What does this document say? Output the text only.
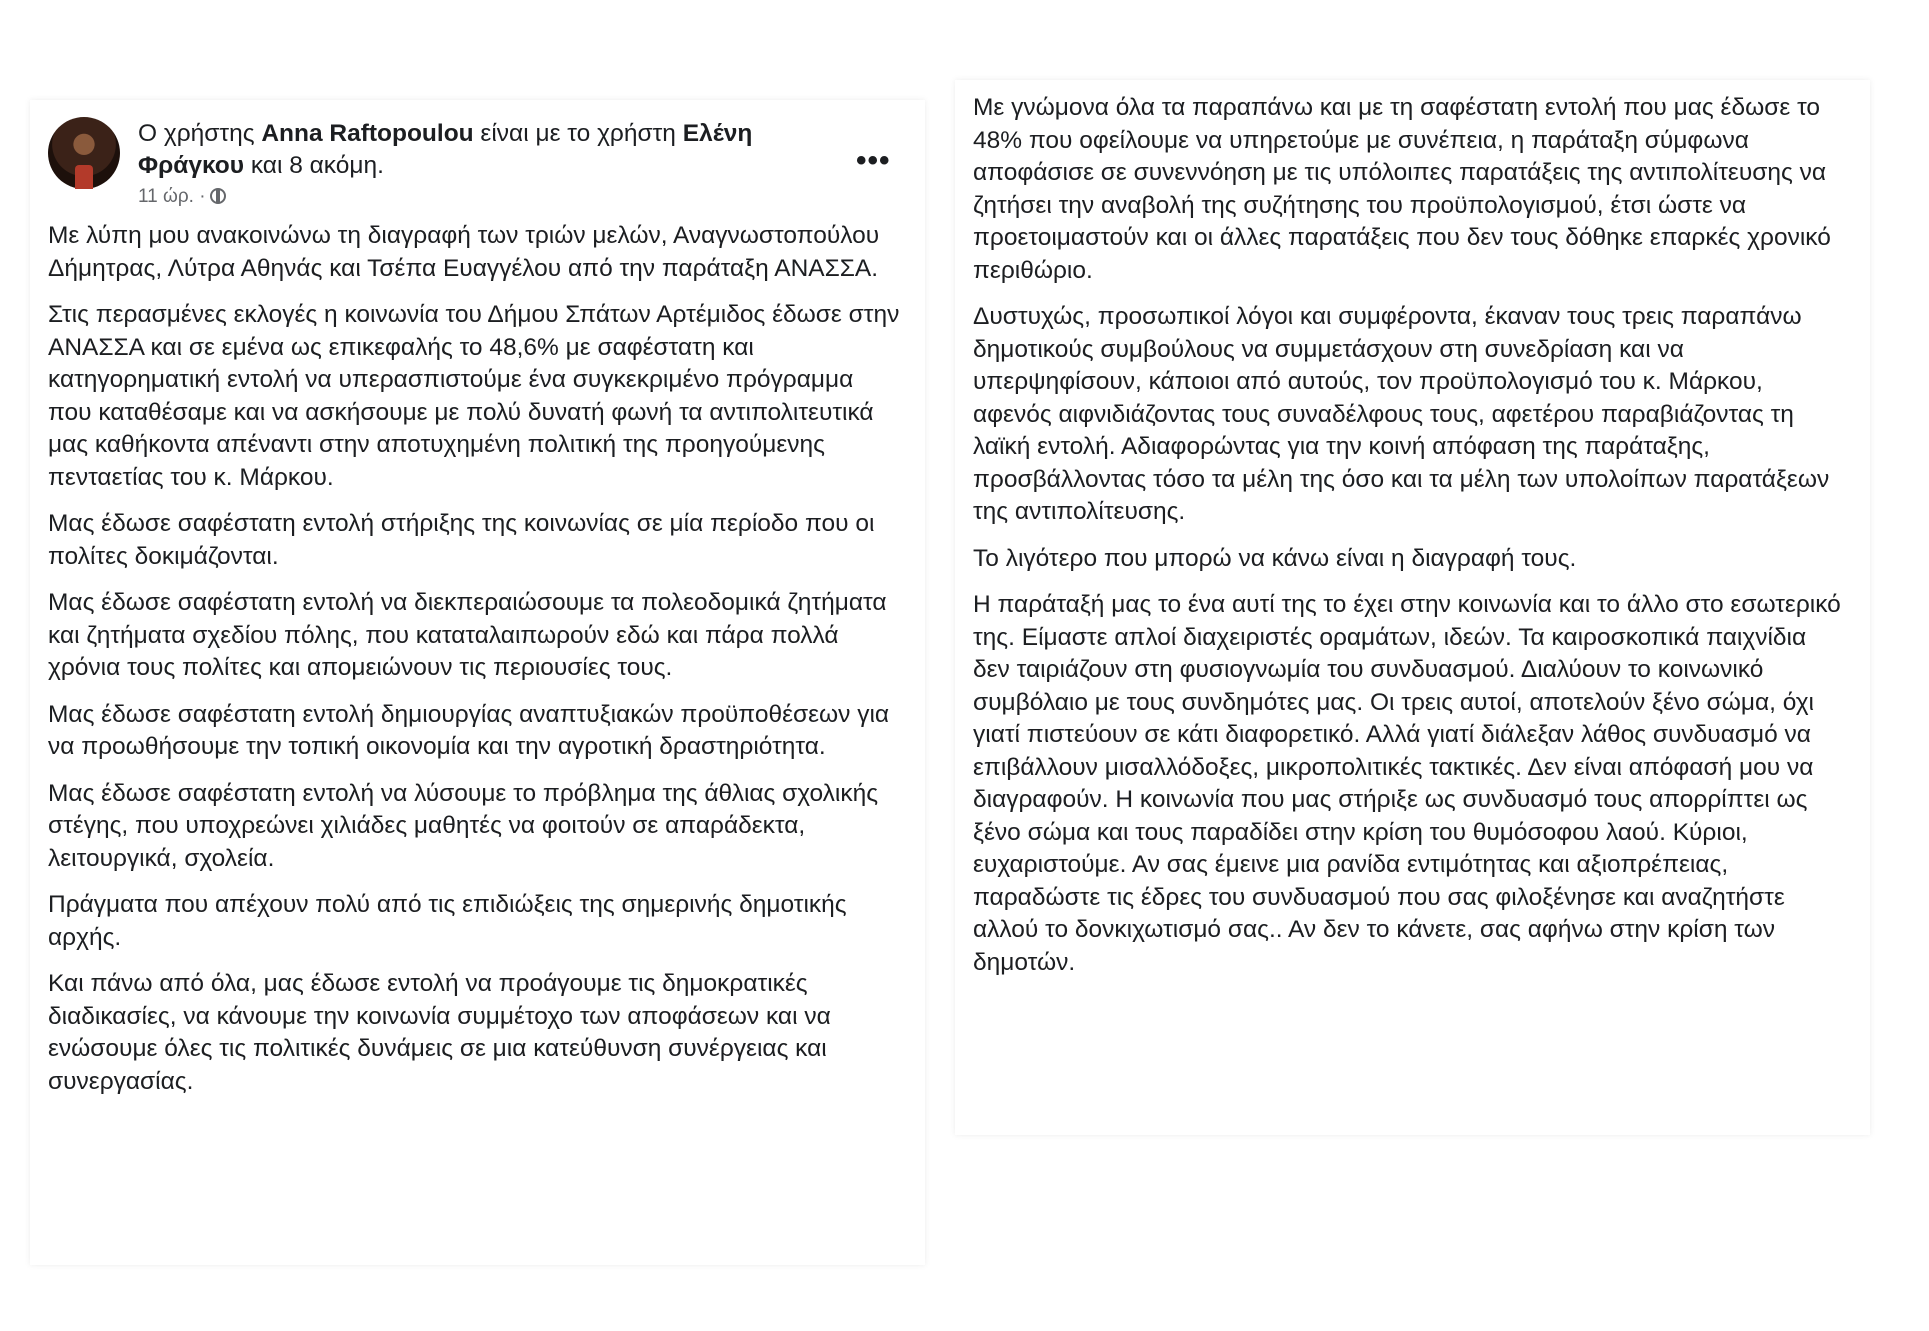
Ο χρήστης Anna Raftopoulou είναι με το χρήστη Ελένη Φράγκου και 8 ακόμη.
11 ώρ. ·
•••

Με λύπη μου ανακοινώνω τη διαγραφή των τριών μελών, Αναγνωστοπούλου Δήμητρας, Λύτρα Αθηνάς και Τσέπα Ευαγγέλου από την παράταξη ΑΝΑΣΣΑ.

Στις περασμένες εκλογές η κοινωνία του Δήμου Σπάτων Αρτέμιδος έδωσε στην ΑΝΑΣΣΑ και σε εμένα ως επικεφαλής το 48,6% με σαφέστατη και κατηγορηματική εντολή να υπερασπιστούμε ένα συγκεκριμένο πρόγραμμα που καταθέσαμε και να ασκήσουμε με πολύ δυνατή φωνή τα αντιπολιτευτικά μας καθήκοντα απέναντι στην αποτυχημένη πολιτική της προηγούμενης πενταετίας του κ. Μάρκου.

Μας έδωσε σαφέστατη εντολή στήριξης της κοινωνίας σε μία περίοδο που οι πολίτες δοκιμάζονται.

Μας έδωσε σαφέστατη εντολή να διεκπεραιώσουμε τα πολεοδομικά ζητήματα και ζητήματα σχεδίου πόλης, που καταταλαιπωρούν εδώ και πάρα πολλά χρόνια τους πολίτες και απομειώνουν τις περιουσίες τους.

Μας έδωσε σαφέστατη εντολή δημιουργίας αναπτυξιακών προϋποθέσεων για να προωθήσουμε την τοπική οικονομία και την αγροτική δραστηριότητα.

Μας έδωσε σαφέστατη εντολή να λύσουμε το πρόβλημα της άθλιας σχολικής στέγης, που υποχρεώνει χιλιάδες μαθητές να φοιτούν σε απαράδεκτα, λειτουργικά, σχολεία.

Πράγματα που απέχουν πολύ από τις επιδιώξεις της σημερινής δημοτικής αρχής.

Και πάνω από όλα, μας έδωσε εντολή να προάγουμε τις δημοκρατικές διαδικασίες, να κάνουμε την κοινωνία συμμέτοχο των αποφάσεων και να ενώσουμε όλες τις πολιτικές δυνάμεις σε μια κατεύθυνση συνέργειας και συνεργασίας.

Με γνώμονα όλα τα παραπάνω και με τη σαφέστατη εντολή που μας έδωσε το 48% που οφείλουμε να υπηρετούμε με συνέπεια, η παράταξη σύμφωνα αποφάσισε σε συνεννόηση με τις υπόλοιπες παρατάξεις της αντιπολίτευσης να ζητήσει την αναβολή της συζήτησης του προϋπολογισμού, έτσι ώστε να προετοιμαστούν και οι άλλες παρατάξεις που δεν τους δόθηκε επαρκές χρονικό περιθώριο.

Δυστυχώς, προσωπικοί λόγοι και συμφέροντα, έκαναν τους τρεις παραπάνω δημοτικούς συμβούλους να συμμετάσχουν στη συνεδρίαση και να υπερψηφίσουν, κάποιοι από αυτούς, τον προϋπολογισμό του κ. Μάρκου, αφενός αιφνιδιάζοντας τους συναδέλφους τους, αφετέρου παραβιάζοντας τη λαϊκή εντολή. Αδιαφορώντας για την κοινή απόφαση της παράταξης, προσβάλλοντας τόσο τα μέλη της όσο και τα μέλη των υπολοίπων παρατάξεων της αντιπολίτευσης.

Το λιγότερο που μπορώ να κάνω είναι η διαγραφή τους.

Η παράταξή μας το ένα αυτί της το έχει στην κοινωνία και το άλλο στο εσωτερικό της. Είμαστε απλοί διαχειριστές οραμάτων, ιδεών. Τα καιροσκοπικά παιχνίδια δεν ταιριάζουν στη φυσιογνωμία του συνδυασμού. Διαλύουν το κοινωνικό συμβόλαιο με τους συνδημότες μας. Οι τρεις αυτοί, αποτελούν ξένο σώμα, όχι γιατί πιστεύουν σε κάτι διαφορετικό. Αλλά γιατί διάλεξαν λάθος συνδυασμό να επιβάλλουν μισαλλόδοξες, μικροπολιτικές τακτικές. Δεν είναι απόφασή μου να διαγραφούν. Η κοινωνία που μας στήριξε ως συνδυασμό τους απορρίπτει ως ξένο σώμα και τους παραδίδει στην κρίση του θυμόσοφου λαού. Κύριοι, ευχαριστούμε. Αν σας έμεινε μια ρανίδα εντιμότητας και αξιοπρέπειας, παραδώστε τις έδρες του συνδυασμού που σας φιλοξένησε και αναζητήστε αλλού το δονκιχωτισμό σας.. Αν δεν το κάνετε, σας αφήνω στην κρίση των δημοτών.
